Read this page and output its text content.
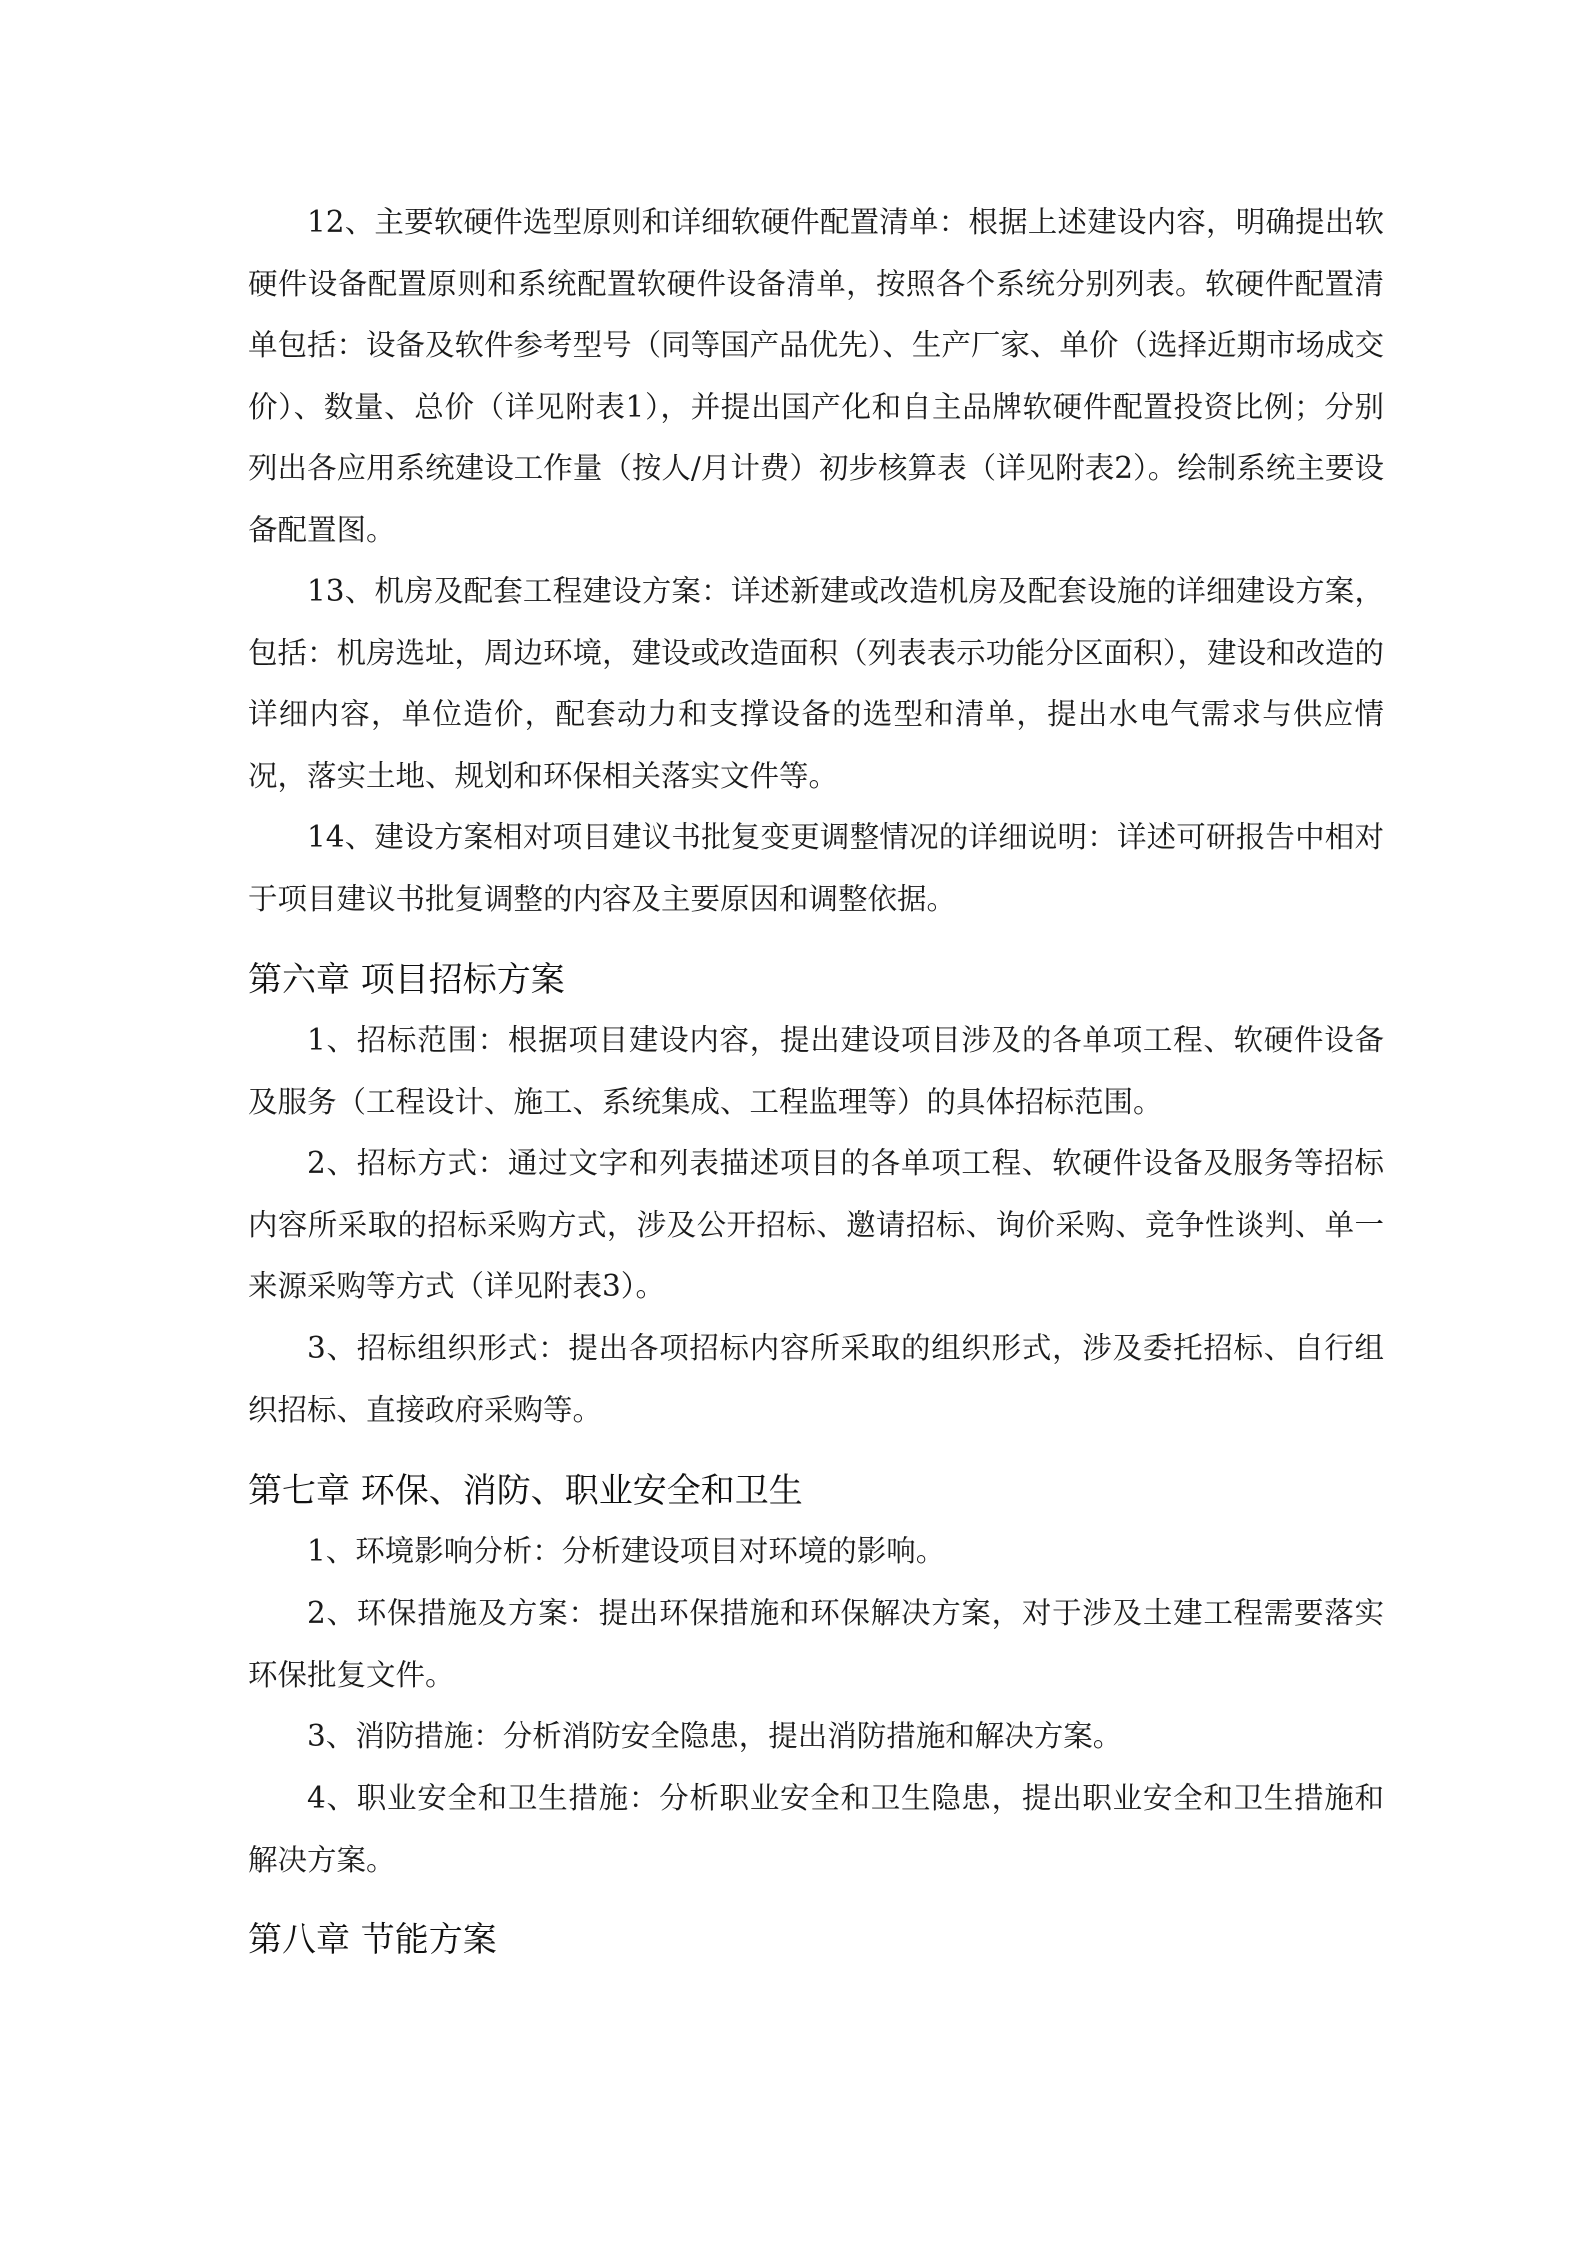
12、主要软硬件选型原则和详细软硬件配置清单：根据上述建设内容，明确提出软硬件设备配置原则和系统配置软硬件设备清单，按照各个系统分别列表。软硬件配置清单包括：设备及软件参考型号（同等国产品优先）、生产厂家、单价（选择近期市场成交价）、数量、总价（详见附表1），并提出国产化和自主品牌软硬件配置投资比例；分别列出各应用系统建设工作量（按人/月计费）初步核算表（详见附表2）。绘制系统主要设备配置图。

13、机房及配套工程建设方案：详述新建或改造机房及配套设施的详细建设方案，包括：机房选址，周边环境，建设或改造面积（列表表示功能分区面积），建设和改造的详细内容，单位造价，配套动力和支撑设备的选型和清单，提出水电气需求与供应情况，落实土地、规划和环保相关落实文件等。

14、建设方案相对项目建议书批复变更调整情况的详细说明：详述可研报告中相对于项目建议书批复调整的内容及主要原因和调整依据。

第六章 项目招标方案

1、招标范围：根据项目建设内容，提出建设项目涉及的各单项工程、软硬件设备及服务（工程设计、施工、系统集成、工程监理等）的具体招标范围。

2、招标方式：通过文字和列表描述项目的各单项工程、软硬件设备及服务等招标内容所采取的招标采购方式，涉及公开招标、邀请招标、询价采购、竞争性谈判、单一来源采购等方式（详见附表3）。

3、招标组织形式：提出各项招标内容所采取的组织形式，涉及委托招标、自行组织招标、直接政府采购等。

第七章 环保、消防、职业安全和卫生

1、环境影响分析：分析建设项目对环境的影响。

2、环保措施及方案：提出环保措施和环保解决方案，对于涉及土建工程需要落实环保批复文件。

3、消防措施：分析消防安全隐患，提出消防措施和解决方案。

4、职业安全和卫生措施：分析职业安全和卫生隐患，提出职业安全和卫生措施和解决方案。

第八章 节能方案
